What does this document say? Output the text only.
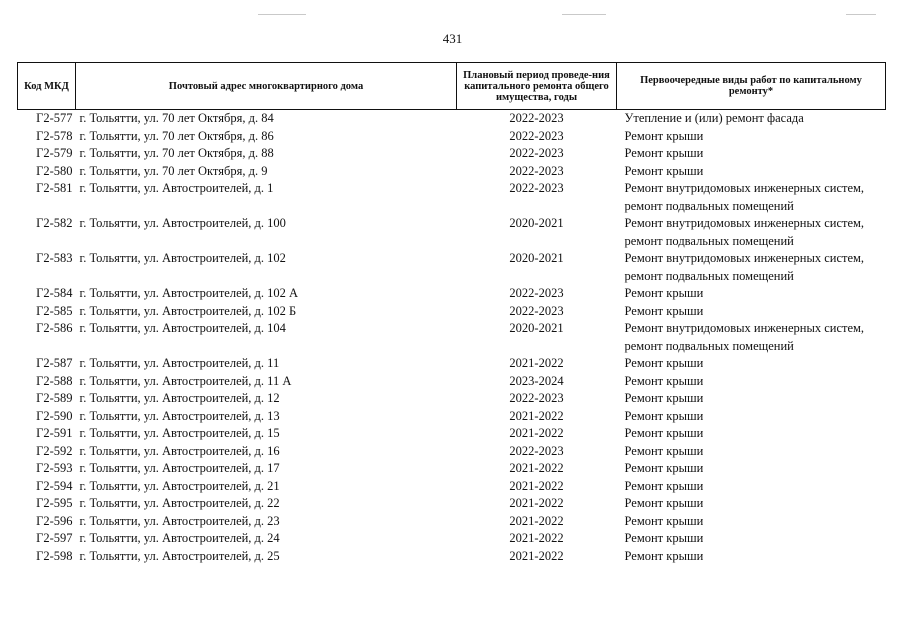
431
Код МКД	Почтовый адрес многоквартирного дома	Плановый период проведе-ния капитального ремонта общего имущества, годы	Первоочередные виды работ по капитальному ремонту*
Г2-577	г. Тольятти, ул. 70 лет Октября, д. 84	2022-2023	Утепление и (или) ремонт фасада
Г2-578	г. Тольятти, ул. 70 лет Октября, д. 86	2022-2023	Ремонт крыши
Г2-579	г. Тольятти, ул. 70 лет Октября, д. 88	2022-2023	Ремонт крыши
Г2-580	г. Тольятти, ул. 70 лет Октября, д. 9	2022-2023	Ремонт крыши
Г2-581	г. Тольятти, ул. Автостроителей, д. 1	2022-2023	Ремонт внутридомовых инженерных систем, ремонт подвальных помещений
Г2-582	г. Тольятти, ул. Автостроителей, д. 100	2020-2021	Ремонт внутридомовых инженерных систем, ремонт подвальных помещений
Г2-583	г. Тольятти, ул. Автостроителей, д. 102	2020-2021	Ремонт внутридомовых инженерных систем, ремонт подвальных помещений
Г2-584	г. Тольятти, ул. Автостроителей, д. 102 А	2022-2023	Ремонт крыши
Г2-585	г. Тольятти, ул. Автостроителей, д. 102 Б	2022-2023	Ремонт крыши
Г2-586	г. Тольятти, ул. Автостроителей, д. 104	2020-2021	Ремонт внутридомовых инженерных систем, ремонт подвальных помещений
Г2-587	г. Тольятти, ул. Автостроителей, д. 11	2021-2022	Ремонт крыши
Г2-588	г. Тольятти, ул. Автостроителей, д. 11 А	2023-2024	Ремонт крыши
Г2-589	г. Тольятти, ул. Автостроителей, д. 12	2022-2023	Ремонт крыши
Г2-590	г. Тольятти, ул. Автостроителей, д. 13	2021-2022	Ремонт крыши
Г2-591	г. Тольятти, ул. Автостроителей, д. 15	2021-2022	Ремонт крыши
Г2-592	г. Тольятти, ул. Автостроителей, д. 16	2022-2023	Ремонт крыши
Г2-593	г. Тольятти, ул. Автостроителей, д. 17	2021-2022	Ремонт крыши
Г2-594	г. Тольятти, ул. Автостроителей, д. 21	2021-2022	Ремонт крыши
Г2-595	г. Тольятти, ул. Автостроителей, д. 22	2021-2022	Ремонт крыши
Г2-596	г. Тольятти, ул. Автостроителей, д. 23	2021-2022	Ремонт крыши
Г2-597	г. Тольятти, ул. Автостроителей, д. 24	2021-2022	Ремонт крыши
Г2-598	г. Тольятти, ул. Автостроителей, д. 25	2021-2022	Ремонт крыши
